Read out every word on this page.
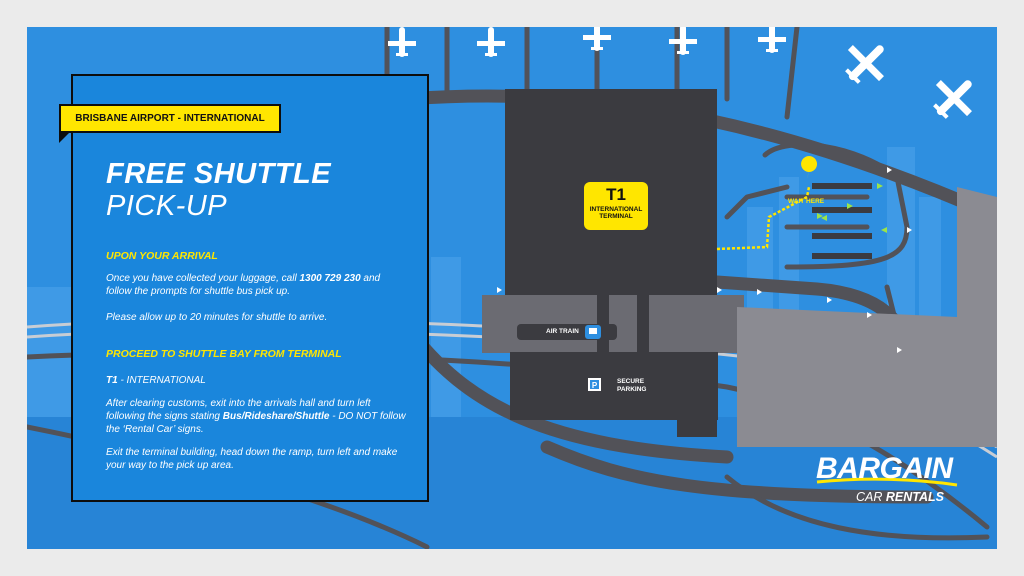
P
T1
INTERNATIONAL TERMINAL
AIR TRAIN
SECURE PARKING
WAIT HERE
BRISBANE AIRPORT - INTERNATIONAL
FREE SHUTTLE
PICK-UP
UPON YOUR ARRIVAL
Once you have collected your luggage, call 1300 729 230 and follow the prompts for shuttle bus pick up.
Please allow up to 20 minutes for shuttle to arrive.
PROCEED TO SHUTTLE BAY FROM TERMINAL
T1 - INTERNATIONAL
After clearing customs, exit into the arrivals hall and turn left following the signs stating Bus/Rideshare/Shuttle - DO NOT follow the ‘Rental Car’ signs.
Exit the terminal building, head down the ramp, turn left and make your way to the pick up area.	BARGAIN
CAR RENTALS
